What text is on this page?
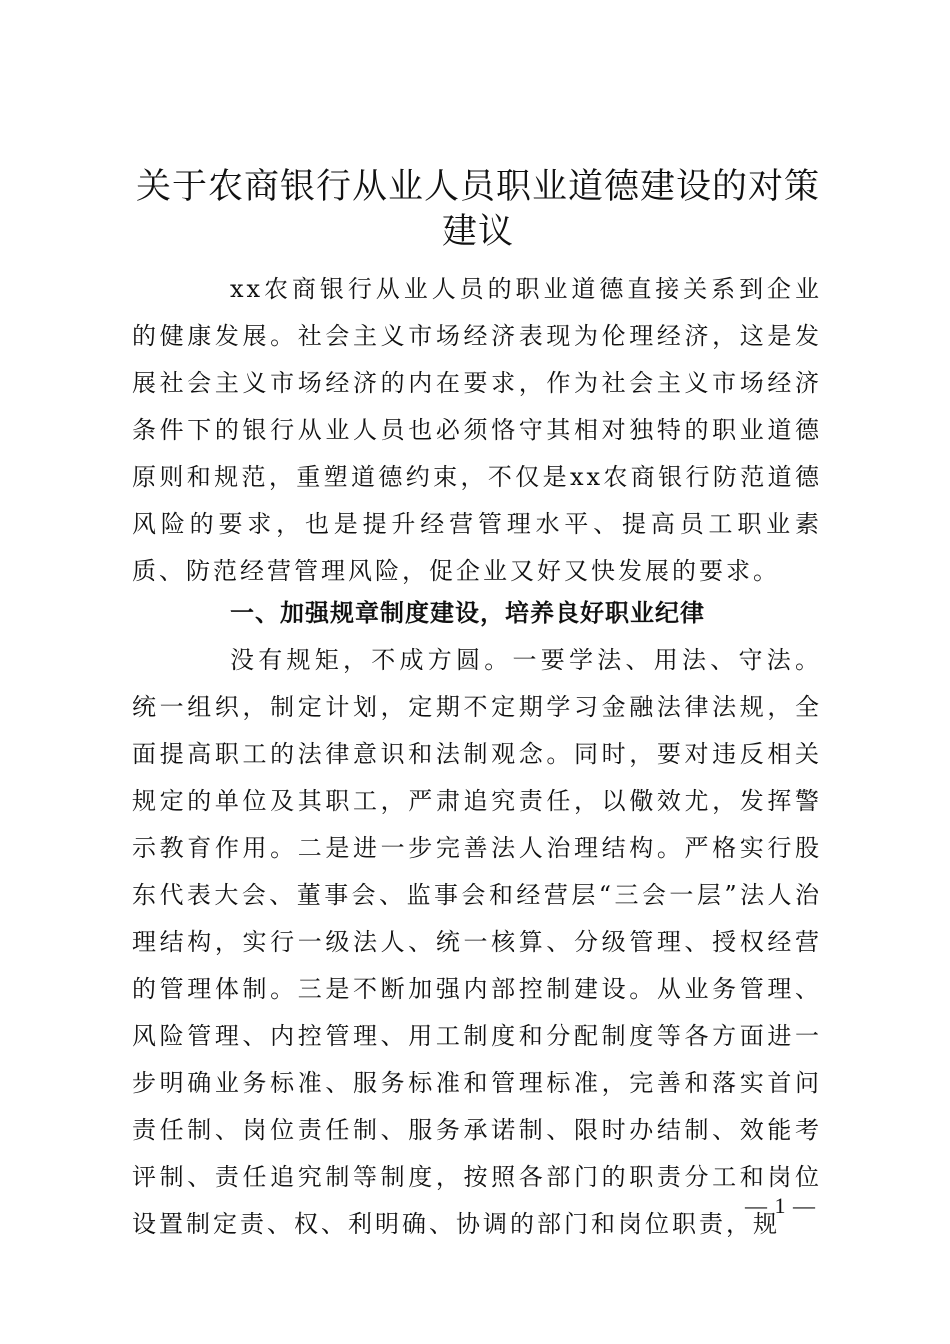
关于农商银行从业人员职业道德建设的对策建议

xx农商银行从业人员的职业道德直接关系到企业的健康发展。社会主义市场经济表现为伦理经济，这是发展社会主义市场经济的内在要求，作为社会主义市场经济条件下的银行从业人员也必须恪守其相对独特的职业道德原则和规范，重塑道德约束，不仅是xx农商银行防范道德风险的要求，也是提升经营管理水平、提高员工职业素质、防范经营管理风险，促企业又好又快发展的要求。

一、加强规章制度建设，培养良好职业纪律

没有规矩，不成方圆。一要学法、用法、守法。统一组织，制定计划，定期不定期学习金融法律法规，全面提高职工的法律意识和法制观念。同时，要对违反相关规定的单位及其职工，严肃追究责任，以儆效尤，发挥警示教育作用。二是进一步完善法人治理结构。严格实行股东代表大会、董事会、监事会和经营层“三会一层”法人治理结构，实行一级法人、统一核算、分级管理、授权经营的管理体制。三是不断加强内部控制建设。从业务管理、风险管理、内控管理、用工制度和分配制度等各方面进一步明确业务标准、服务标准和管理标准，完善和落实首问责任制、岗位责任制、服务承诺制、限时办结制、效能考评制、责任追究制等制度，按照各部门的职责分工和岗位设置制定责、权、利明确、协调的部门和岗位职责，规

— 1 —
